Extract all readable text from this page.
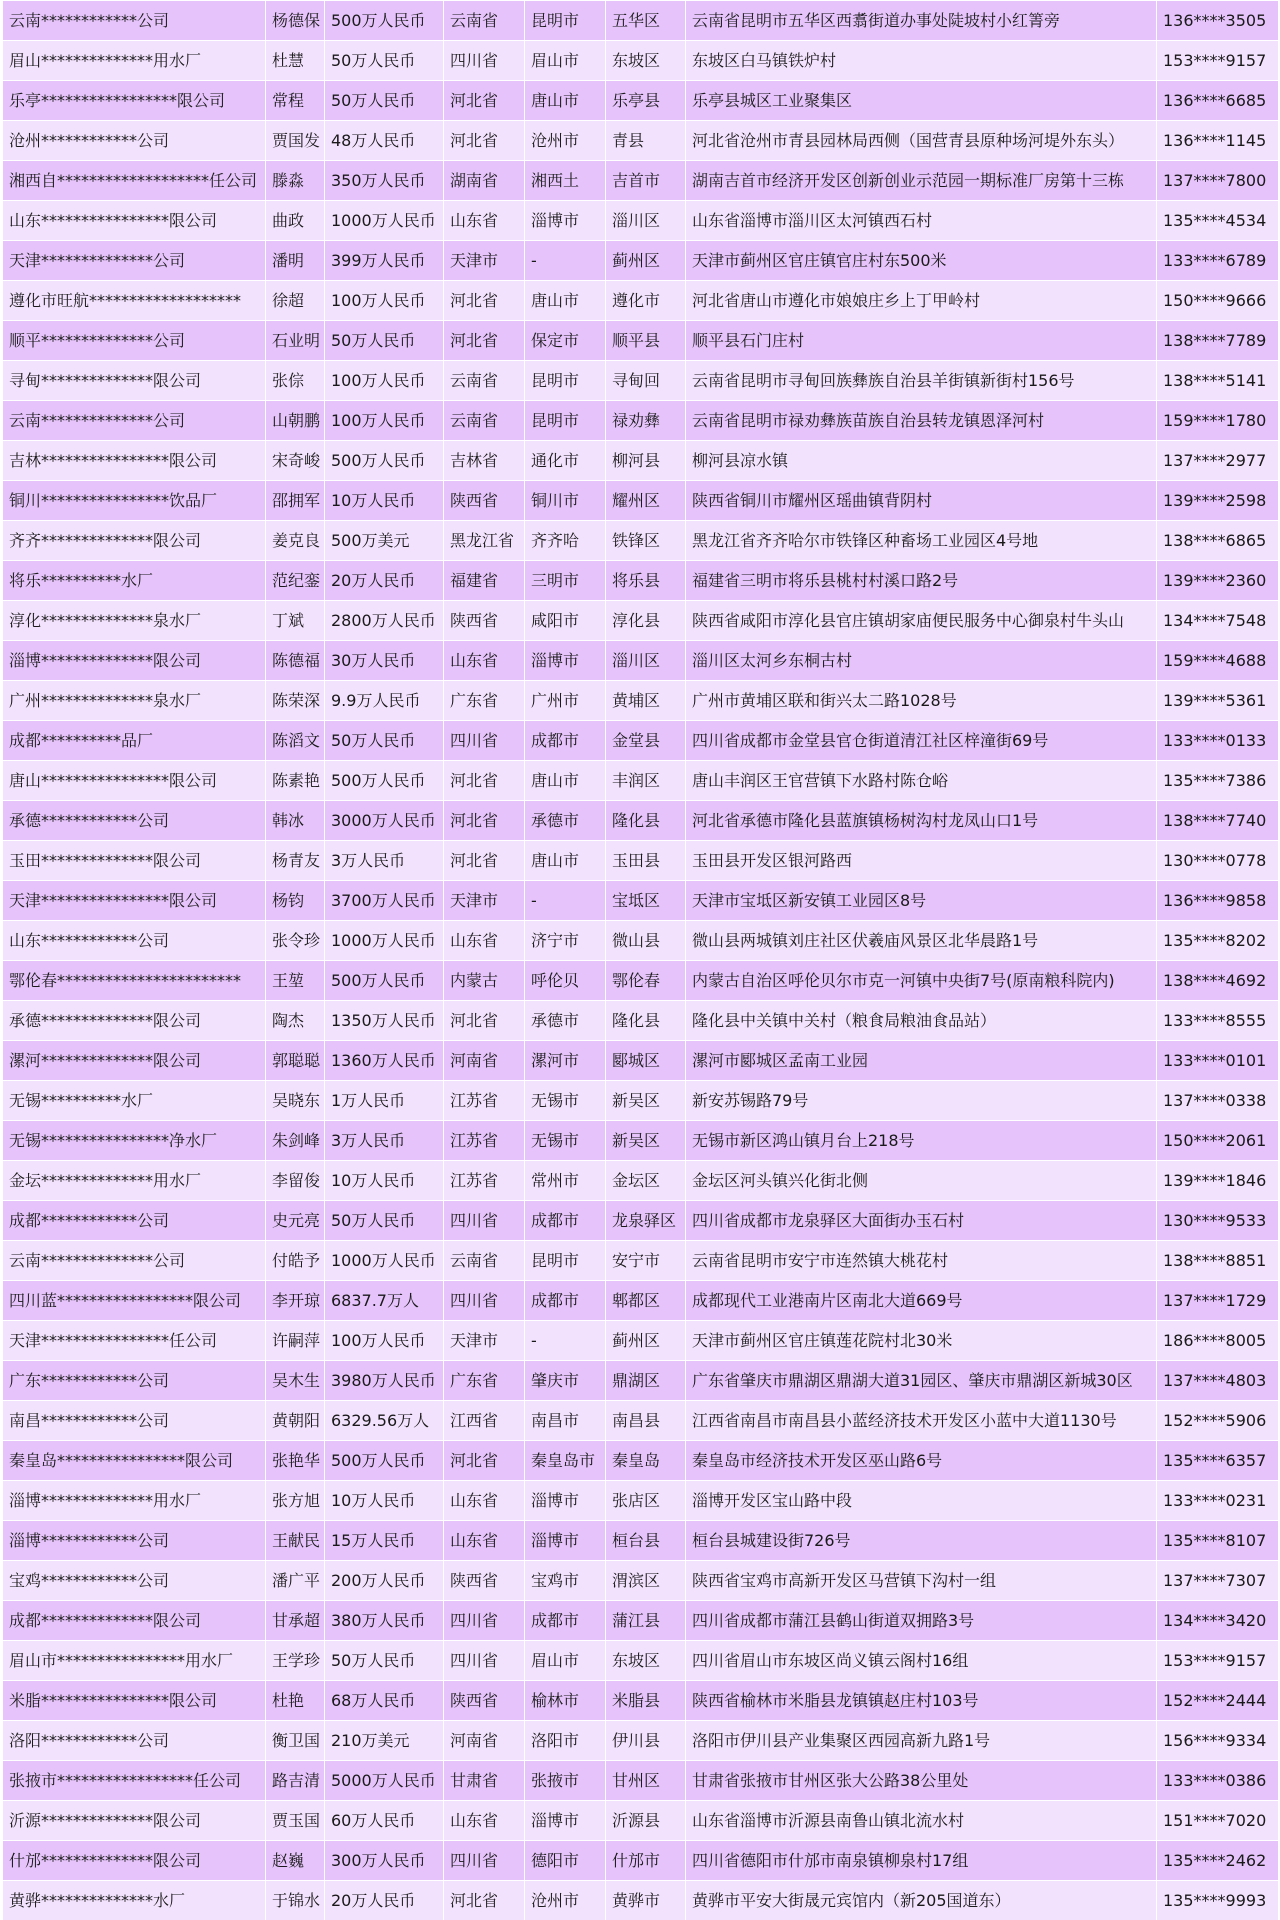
云南************公司	杨德保	500万人民币	云南省	昆明市	五华区	云南省昆明市五华区西翥街道办事处陡坡村小红箐旁	136****3505
眉山**************用水厂	杜慧	50万人民币	四川省	眉山市	东坡区	东坡区白马镇铁炉村	153****9157
乐亭*****************限公司	常程	50万人民币	河北省	唐山市	乐亭县	乐亭县城区工业聚集区	136****6685
沧州************公司	贾国发	48万人民币	河北省	沧州市	青县	河北省沧州市青县园林局西侧（国营青县原种场河堤外东头）	136****1145
湘西自*******************任公司	滕淼	350万人民币	湖南省	湘西土	吉首市	湖南吉首市经济开发区创新创业示范园一期标准厂房第十三栋	137****7800
山东****************限公司	曲政	1000万人民币	山东省	淄博市	淄川区	山东省淄博市淄川区太河镇西石村	135****4534
天津**************公司	潘明	399万人民币	天津市	-	蓟州区	天津市蓟州区官庄镇官庄村东500米	133****6789
遵化市旺航*******************	徐超	100万人民币	河北省	唐山市	遵化市	河北省唐山市遵化市娘娘庄乡上丁甲岭村	150****9666
顺平**************公司	石业明	50万人民币	河北省	保定市	顺平县	顺平县石门庄村	138****7789
寻甸**************限公司	张倧	100万人民币	云南省	昆明市	寻甸回	云南省昆明市寻甸回族彝族自治县羊街镇新街村156号	138****5141
云南**************公司	山朝鹏	100万人民币	云南省	昆明市	禄劝彝	云南省昆明市禄劝彝族苗族自治县转龙镇恩泽河村	159****1780
吉林****************限公司	宋奇峻	500万人民币	吉林省	通化市	柳河县	柳河县凉水镇	137****2977
铜川****************饮品厂	邵拥军	10万人民币	陕西省	铜川市	耀州区	陕西省铜川市耀州区瑶曲镇背阴村	139****2598
齐齐**************限公司	姜克良	500万美元	黑龙江省	齐齐哈	铁锋区	黑龙江省齐齐哈尔市铁锋区种畜场工业园区4号地	138****6865
将乐**********水厂	范纪銮	20万人民币	福建省	三明市	将乐县	福建省三明市将乐县桃村村溪口路2号	139****2360
淳化**************泉水厂	丁斌	2800万人民币	陕西省	咸阳市	淳化县	陕西省咸阳市淳化县官庄镇胡家庙便民服务中心御泉村牛头山	134****7548
淄博**************限公司	陈德福	30万人民币	山东省	淄博市	淄川区	淄川区太河乡东桐古村	159****4688
广州**************泉水厂	陈荣深	9.9万人民币	广东省	广州市	黄埔区	广州市黄埔区联和街兴太二路1028号	139****5361
成都**********品厂	陈滔文	50万人民币	四川省	成都市	金堂县	四川省成都市金堂县官仓街道清江社区梓潼街69号	133****0133
唐山****************限公司	陈素艳	500万人民币	河北省	唐山市	丰润区	唐山丰润区王官营镇下水路村陈仓峪	135****7386
承德************公司	韩冰	3000万人民币	河北省	承德市	隆化县	河北省承德市隆化县蓝旗镇杨树沟村龙凤山口1号	138****7740
玉田**************限公司	杨青友	3万人民币	河北省	唐山市	玉田县	玉田县开发区银河路西	130****0778
天津****************限公司	杨钧	3700万人民币	天津市	-	宝坻区	天津市宝坻区新安镇工业园区8号	136****9858
山东************公司	张令珍	1000万人民币	山东省	济宁市	微山县	微山县两城镇刘庄社区伏羲庙风景区北华晨路1号	135****8202
鄂伦春***********************	王堃	500万人民币	内蒙古	呼伦贝	鄂伦春	内蒙古自治区呼伦贝尔市克一河镇中央街7号(原南粮科院内)	138****4692
承德**************限公司	陶杰	1350万人民币	河北省	承德市	隆化县	隆化县中关镇中关村（粮食局粮油食品站）	133****8555
漯河**************限公司	郭聪聪	1360万人民币	河南省	漯河市	郾城区	漯河市郾城区孟南工业园	133****0101
无锡**********水厂	吴晓东	1万人民币	江苏省	无锡市	新吴区	新安苏锡路79号	137****0338
无锡****************净水厂	朱剑峰	3万人民币	江苏省	无锡市	新吴区	无锡市新区鸿山镇月台上218号	150****2061
金坛**************用水厂	李留俊	10万人民币	江苏省	常州市	金坛区	金坛区河头镇兴化街北侧	139****1846
成都************公司	史元亮	50万人民币	四川省	成都市	龙泉驿区	四川省成都市龙泉驿区大面街办玉石村	130****9533
云南**************公司	付皓予	1000万人民币	云南省	昆明市	安宁市	云南省昆明市安宁市连然镇大桃花村	138****8851
四川蓝*****************限公司	李开琼	6837.7万人	四川省	成都市	郫都区	成都现代工业港南片区南北大道669号	137****1729
天津****************任公司	许嗣萍	100万人民币	天津市	-	蓟州区	天津市蓟州区官庄镇莲花院村北30米	186****8005
广东************公司	吴木生	3980万人民币	广东省	肇庆市	鼎湖区	广东省肇庆市鼎湖区鼎湖大道31园区、肇庆市鼎湖区新城30区	137****4803
南昌************公司	黄朝阳	6329.56万人	江西省	南昌市	南昌县	江西省南昌市南昌县小蓝经济技术开发区小蓝中大道1130号	152****5906
秦皇岛****************限公司	张艳华	500万人民币	河北省	秦皇岛市	秦皇岛	秦皇岛市经济技术开发区巫山路6号	135****6357
淄博**************用水厂	张方旭	10万人民币	山东省	淄博市	张店区	淄博开发区宝山路中段	133****0231
淄博************公司	王献民	15万人民币	山东省	淄博市	桓台县	桓台县城建设街726号	135****8107
宝鸡************公司	潘广平	200万人民币	陕西省	宝鸡市	渭滨区	陕西省宝鸡市高新开发区马营镇下沟村一组	137****7307
成都**************限公司	甘承超	380万人民币	四川省	成都市	蒲江县	四川省成都市蒲江县鹤山街道双拥路3号	134****3420
眉山市****************用水厂	王学珍	50万人民币	四川省	眉山市	东坡区	四川省眉山市东坡区尚义镇云阁村16组	153****9157
米脂****************限公司	杜艳	68万人民币	陕西省	榆林市	米脂县	陕西省榆林市米脂县龙镇镇赵庄村103号	152****2444
洛阳************公司	衡卫国	210万美元	河南省	洛阳市	伊川县	洛阳市伊川县产业集聚区西园高新九路1号	156****9334
张掖市*****************任公司	路吉清	5000万人民币	甘肃省	张掖市	甘州区	甘肃省张掖市甘州区张大公路38公里处	133****0386
沂源**************限公司	贾玉国	60万人民币	山东省	淄博市	沂源县	山东省淄博市沂源县南鲁山镇北流水村	151****7020
什邡**************限公司	赵巍	300万人民币	四川省	德阳市	什邡市	四川省德阳市什邡市南泉镇柳泉村17组	135****2462
黄骅**************水厂	于锦水	20万人民币	河北省	沧州市	黄骅市	黄骅市平安大街晟元宾馆内（新205国道东）	135****9993
